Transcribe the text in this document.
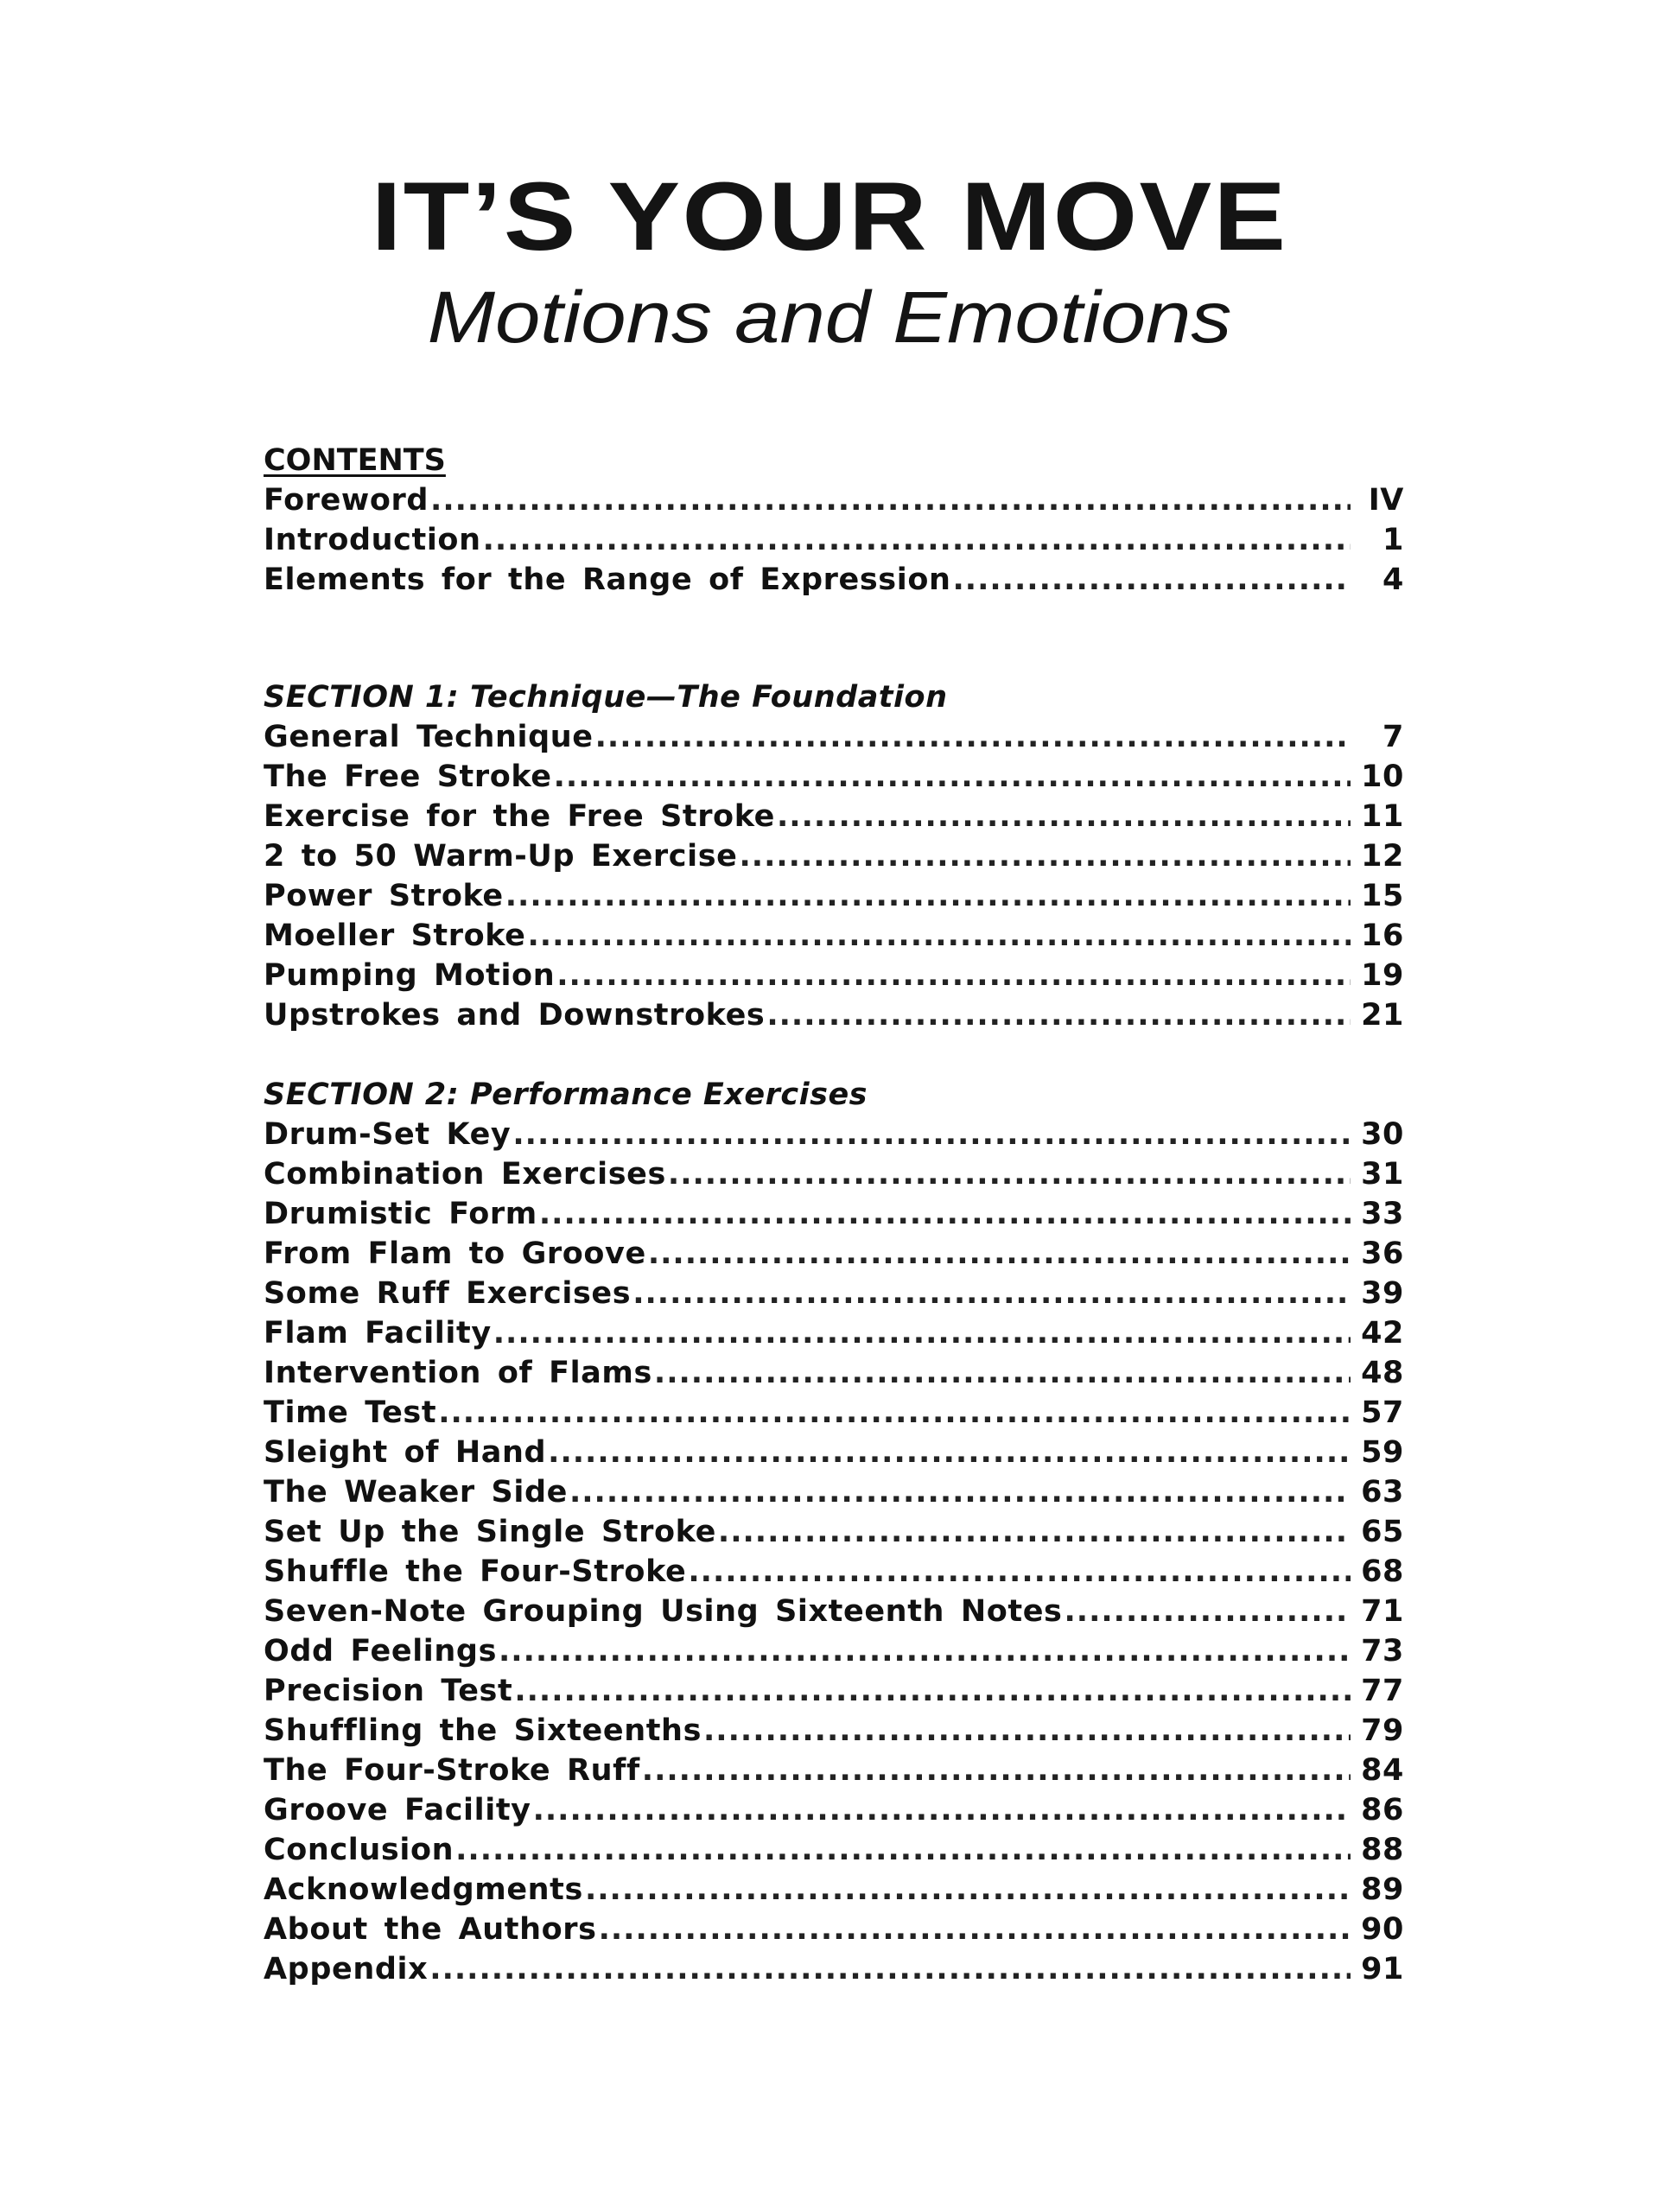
IT’S YOUR MOVE
Motions and Emotions
CONTENTS
Foreword .....	IV
Introduction .....	1
Elements for the Range of Expression .....	4
SECTION 1: Technique—The Foundation
General Technique .....	7
The Free Stroke .....	10
Exercise for the Free Stroke .....	11
2 to 50 Warm-Up Exercise .....	12
Power Stroke .....	15
Moeller Stroke .....	16
Pumping Motion .....	19
Upstrokes and Downstrokes .....	21
SECTION 2: Performance Exercises
Drum-Set Key .....	30
Combination Exercises .....	31
Drumistic Form .....	33
From Flam to Groove .....	36
Some Ruff Exercises .....	39
Flam Facility .....	42
Intervention of Flams .....	48
Time Test .....	57
Sleight of Hand .....	59
The Weaker Side .....	63
Set Up the Single Stroke .....	65
Shuffle the Four-Stroke .....	68
Seven-Note Grouping Using Sixteenth Notes .....	71
Odd Feelings .....	73
Precision Test .....	77
Shuffling the Sixteenths .....	79
The Four-Stroke Ruff .....	84
Groove Facility .....	86
Conclusion .....	88
Acknowledgments .....	89
About the Authors .....	90
Appendix .....	91
